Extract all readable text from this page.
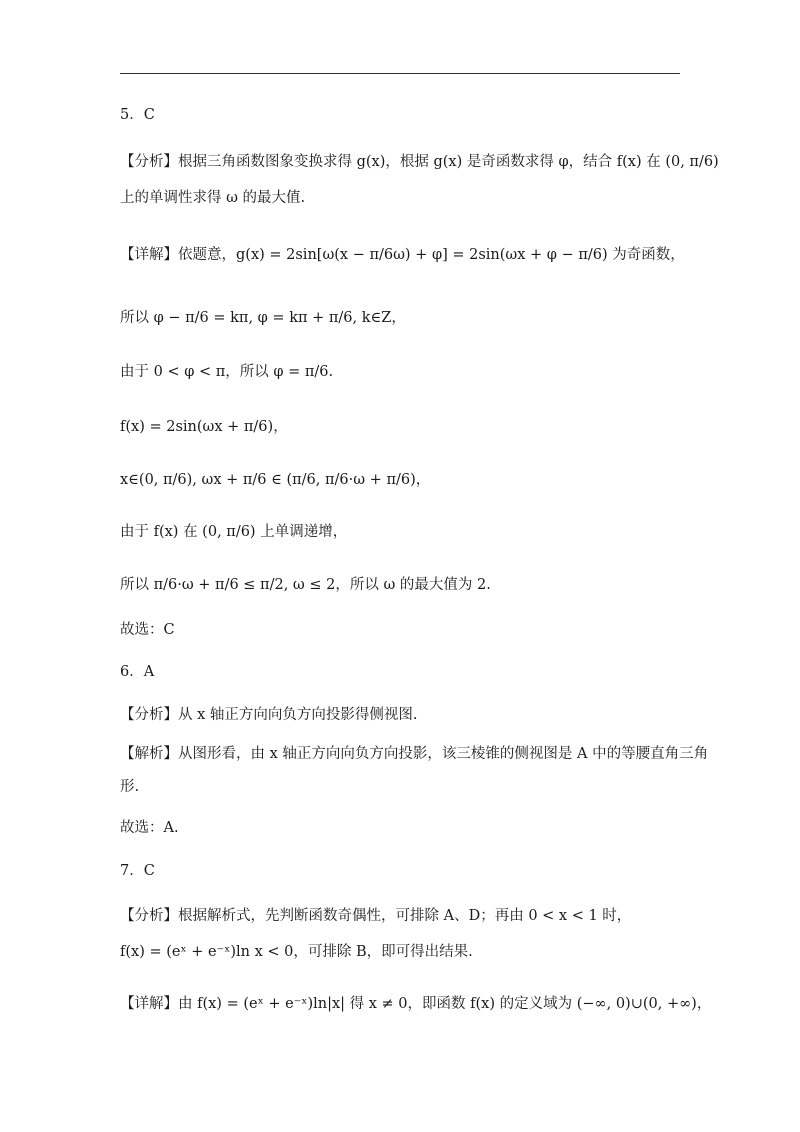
5．C
【分析】根据三角函数图象变换求得 g(x)，根据 g(x) 是奇函数求得 φ，结合 f(x) 在 (0, π/6)
上的单调性求得 ω 的最大值.
【详解】依题意，g(x) = 2sin[ω(x − π/6ω) + φ] = 2sin(ωx + φ − π/6) 为奇函数，
所以 φ − π/6 = kπ, φ = kπ + π/6, k∈Z，
由于 0 < φ < π，所以 φ = π/6.
f(x) = 2sin(ωx + π/6)，
x∈(0, π/6), ωx + π/6 ∈ (π/6, π/6·ω + π/6)，
由于 f(x) 在 (0, π/6) 上单调递增，
所以 π/6·ω + π/6 ≤ π/2, ω ≤ 2，所以 ω 的最大值为 2.
故选：C
6．A
【分析】从 x 轴正方向向负方向投影得侧视图.
【解析】从图形看，由 x 轴正方向向负方向投影，该三棱锥的侧视图是 A 中的等腰直角三角
形.
故选：A.
7．C
【分析】根据解析式，先判断函数奇偶性，可排除 A、D；再由 0 < x < 1 时，
f(x) = (eˣ + e⁻ˣ)ln x < 0，可排除 B，即可得出结果.
【详解】由 f(x) = (eˣ + e⁻ˣ)ln|x| 得 x ≠ 0，即函数 f(x) 的定义域为 (−∞, 0)∪(0, +∞)，
